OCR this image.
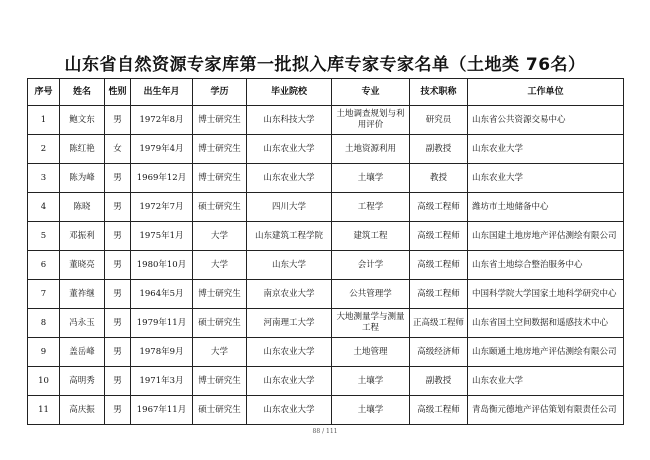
山东省自然资源专家库第一批拟入库专家专家名单（土地类 76名）
序号	姓名	性别	出生年月	学历	毕业院校	专业	技术职称	工作单位
1	鲍文东	男	1972年8月	博士研究生	山东科技大学	土地调查规划与利用评价	研究员	山东省公共资源交易中心
2	陈红艳	女	1979年4月	博士研究生	山东农业大学	土地资源利用	副教授	山东农业大学
3	陈为峰	男	1969年12月	博士研究生	山东农业大学	土壤学	教授	山东农业大学
4	陈晓	男	1972年7月	硕士研究生	四川大学	工程学	高级工程师	潍坊市土地储备中心
5	邓振利	男	1975年1月	大学	山东建筑工程学院	建筑工程	高级工程师	山东国建土地房地产评估测绘有限公司
6	董晓亮	男	1980年10月	大学	山东大学	会计学	高级工程师	山东省土地综合整治服务中心
7	董祚继	男	1964年5月	博士研究生	南京农业大学	公共管理学	高级工程师	中国科学院大学国家土地科学研究中心
8	冯永玉	男	1979年11月	硕士研究生	河南理工大学	大地测量学与测量工程	正高级工程师	山东省国土空间数据和遥感技术中心
9	盖岳峰	男	1978年9月	大学	山东农业大学	土地管理	高级经济师	山东颐通土地房地产评估测绘有限公司
10	高明秀	男	1971年3月	博士研究生	山东农业大学	土壤学	副教授	山东农业大学
11	高庆振	男	1967年11月	硕士研究生	山东农业大学	土壤学	高级工程师	青岛衡元德地产评估策划有限责任公司
88 / 111
